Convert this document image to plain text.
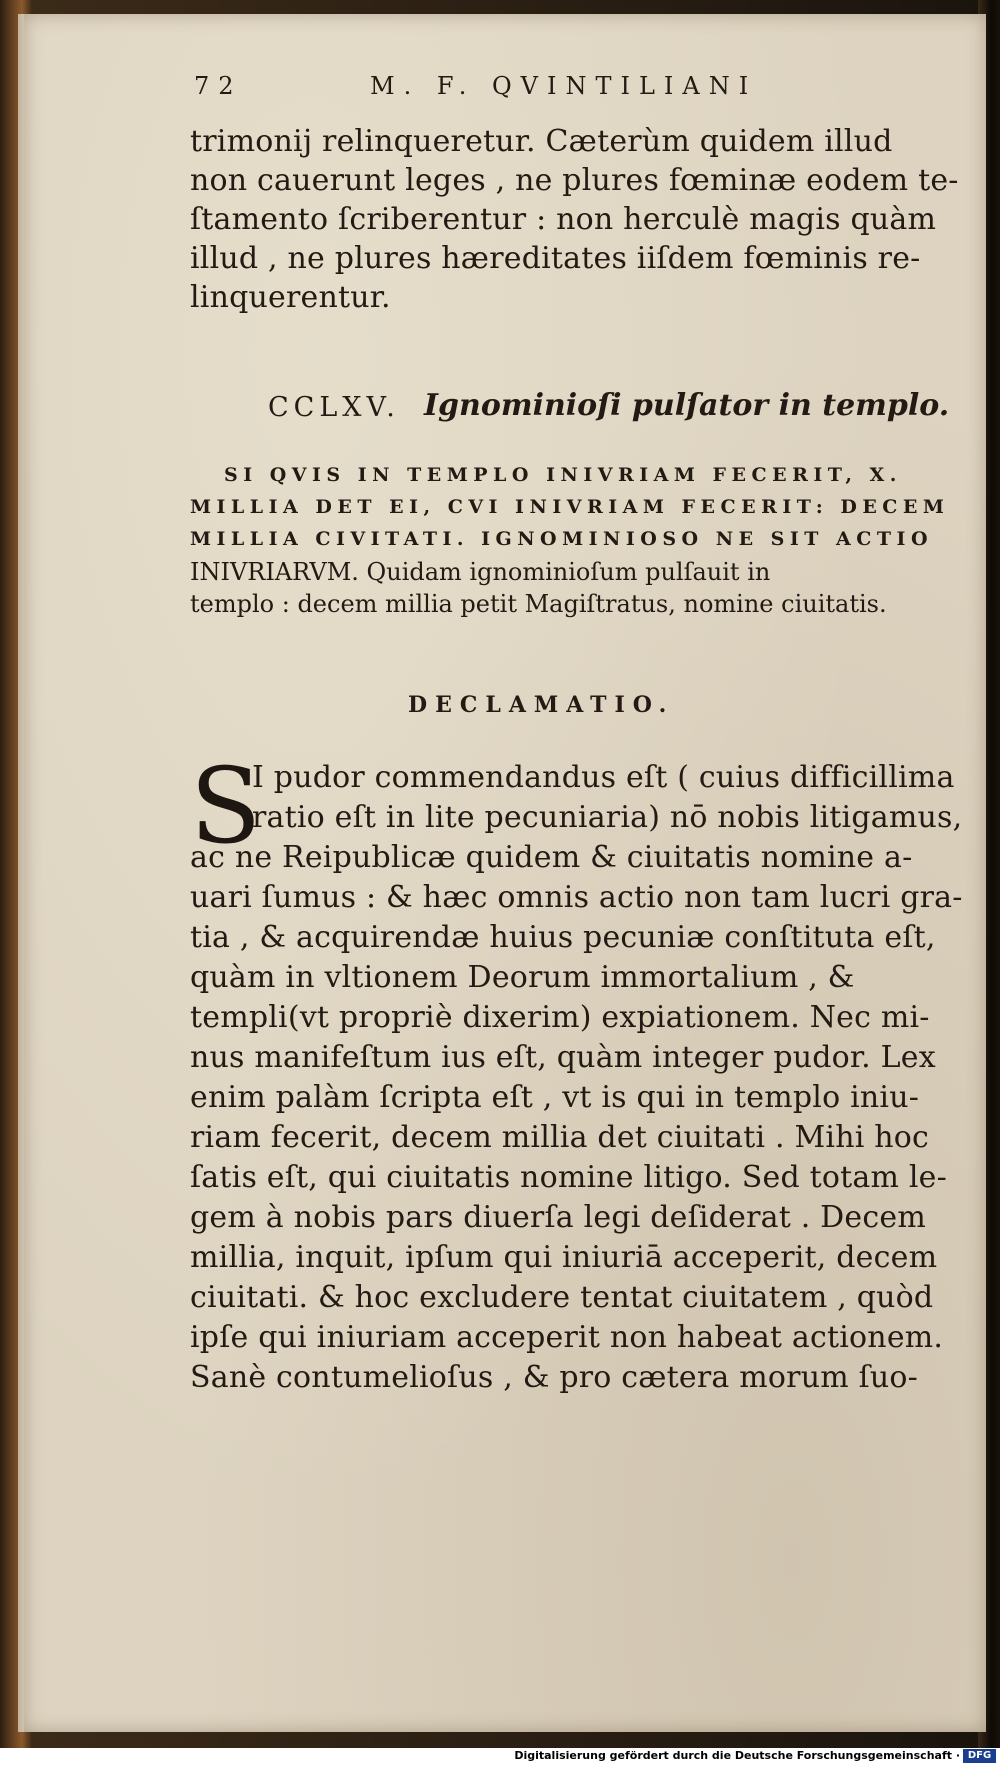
72	M. F. QVINTILIANI
trimonij relinqueretur. Cæterùm quidem illud
non cauerunt leges , ne plures fœminæ eodem te-
ſtamento ſcriberentur : non herculè magis quàm
illud , ne plures hæreditates iiſdem fœminis re-
linquerentur.
CCLXV. Ignominioſi pulſator in templo.
SI QVIS IN TEMPLO INIVRIAM FECERIT, X.
MILLIA DET EI, CVI INIVRIAM FECERIT: DECEM
MILLIA CIVITATI. IGNOMINIOSO NE SIT ACTIO
INIVRIARVM. Quidam ignominioſum pulſauit in
templo : decem millia petit Magiſtratus, nomine ciuitatis.
DECLAMATIO.
S
I pudor commendandus eſt ( cuius difficillima
ratio eſt in lite pecuniaria) nō nobis litigamus,
ac ne Reipublicæ quidem & ciuitatis nomine a-
uari ſumus : & hæc omnis actio non tam lucri gra-
tia , & acquirendæ huius pecuniæ conſtituta eſt,
quàm in vltionem Deorum immortalium , &
templi(vt propriè dixerim) expiationem. Nec mi-
nus manifeſtum ius eſt, quàm integer pudor. Lex
enim palàm ſcripta eſt , vt is qui in templo iniu-
riam fecerit, decem millia det ciuitati . Mihi hoc
ſatis eſt, qui ciuitatis nomine litigo. Sed totam le-
gem à nobis pars diuerſa legi deſiderat . Decem
millia, inquit, ipſum qui iniuriā acceperit, decem
ciuitati. & hoc excludere tentat ciuitatem , quòd
ipſe qui iniuriam acceperit non habeat actionem.
Sanè contumelioſus , & pro cætera morum ſuo-
Digitalisierung gefördert durch die Deutsche Forschungsgemeinschaft · DFG
